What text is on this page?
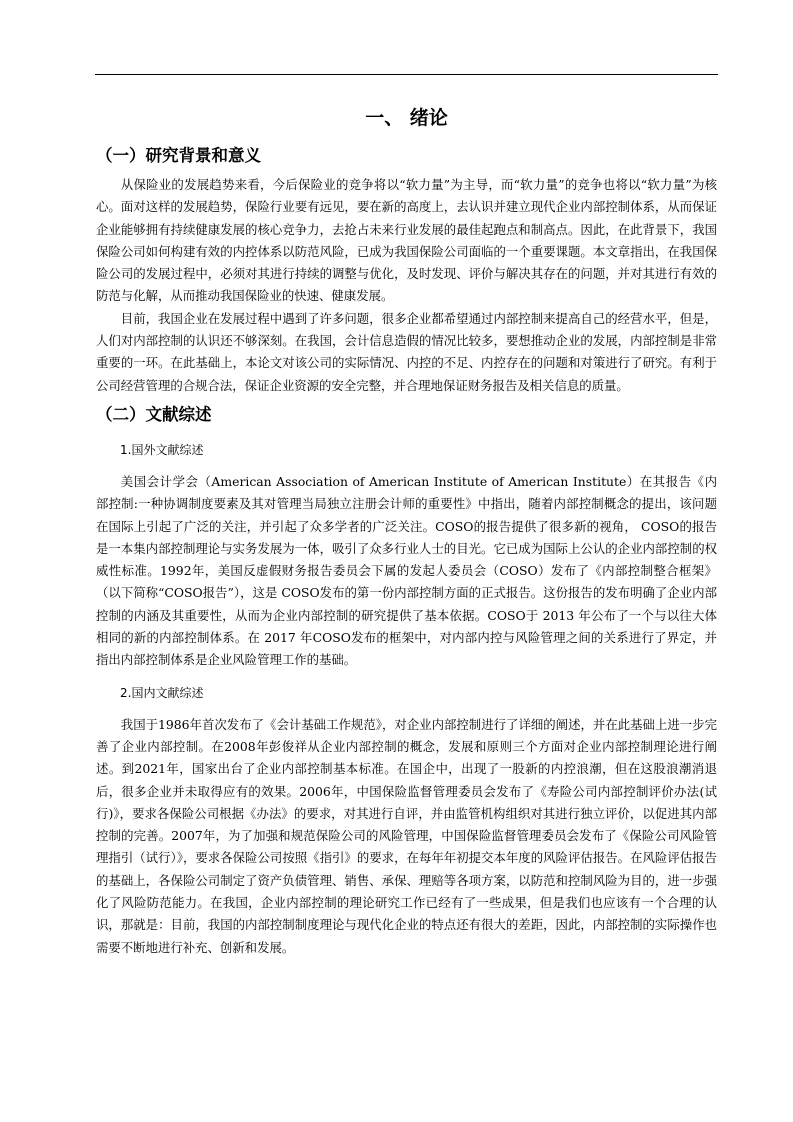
一、 绪论
（一）研究背景和意义

从保险业的发展趋势来看，今后保险业的竞争将以“软力量”为主导，而“软力量”的竞争也将以“软力量”为核心。面对这样的发展趋势，保险行业要有远见，要在新的高度上，去认识并建立现代企业内部控制体系，从而保证企业能够拥有持续健康发展的核心竞争力，去抢占未来行业发展的最佳起跑点和制高点。因此，在此背景下，我国保险公司如何构建有效的内控体系以防范风险，已成为我国保险公司面临的一个重要课题。本文章指出，在我国保险公司的发展过程中，必须对其进行持续的调整与优化，及时发现、评价与解决其存在的问题，并对其进行有效的防范与化解，从而推动我国保险业的快速、健康发展。

目前，我国企业在发展过程中遇到了许多问题，很多企业都希望通过内部控制来提高自己的经营水平，但是，人们对内部控制的认识还不够深刻。在我国，会计信息造假的情况比较多，要想推动企业的发展，内部控制是非常重要的一环。在此基础上，本论文对该公司的实际情况、内控的不足、内控存在的问题和对策进行了研究。有利于公司经营管理的合规合法，保证企业资源的安全完整，并合理地保证财务报告及相关信息的质量。

（二）文献综述
1.国外文献综述

美国会计学会（American Association of American Institute of American Institute）在其报告《内部控制:一种协调制度要素及其对管理当局独立注册会计师的重要性》中指出，随着内部控制概念的提出，该问题在国际上引起了广泛的关注，并引起了众多学者的广泛关注。COSO的报告提供了很多新的视角， COSO的报告是一本集内部控制理论与实务发展为一体，吸引了众多行业人士的目光。它已成为国际上公认的企业内部控制的权威性标准。1992年，美国反虚假财务报告委员会下属的发起人委员会（COSO）发布了《内部控制整合框架》（以下简称“COSO报告”），这是 COSO发布的第一份内部控制方面的正式报告。这份报告的发布明确了企业内部控制的内涵及其重要性，从而为企业内部控制的研究提供了基本依据。COSO于 2013 年公布了一个与以往大体相同的新的内部控制体系。在 2017 年COSO发布的框架中，对内部内控与风险管理之间的关系进行了界定，并指出内部控制体系是企业风险管理工作的基础。

2.国内文献综述

我国于1986年首次发布了《会计基础工作规范》，对企业内部控制进行了详细的阐述，并在此基础上进一步完善了企业内部控制。在2008年彭俊祥从企业内部控制的概念，发展和原则三个方面对企业内部控制理论进行阐述。到2021年，国家出台了企业内部控制基本标准。在国企中，出现了一股新的内控浪潮，但在这股浪潮消退后，很多企业并未取得应有的效果。2006年，中国保险监督管理委员会发布了《寿险公司内部控制评价办法(试行)》，要求各保险公司根据《办法》的要求，对其进行自评，并由监管机构组织对其进行独立评价，以促进其内部控制的完善。2007年，为了加强和规范保险公司的风险管理，中国保险监督管理委员会发布了《保险公司风险管理指引（试行）》，要求各保险公司按照《指引》的要求，在每年年初提交本年度的风险评估报告。在风险评估报告的基础上，各保险公司制定了资产负债管理、销售、承保、理赔等各项方案，以防范和控制风险为目的，进一步强化了风险防范能力。在我国，企业内部控制的理论研究工作已经有了一些成果，但是我们也应该有一个合理的认识，那就是：目前，我国的内部控制制度理论与现代化企业的特点还有很大的差距，因此，内部控制的实际操作也需要不断地进行补充、创新和发展。
